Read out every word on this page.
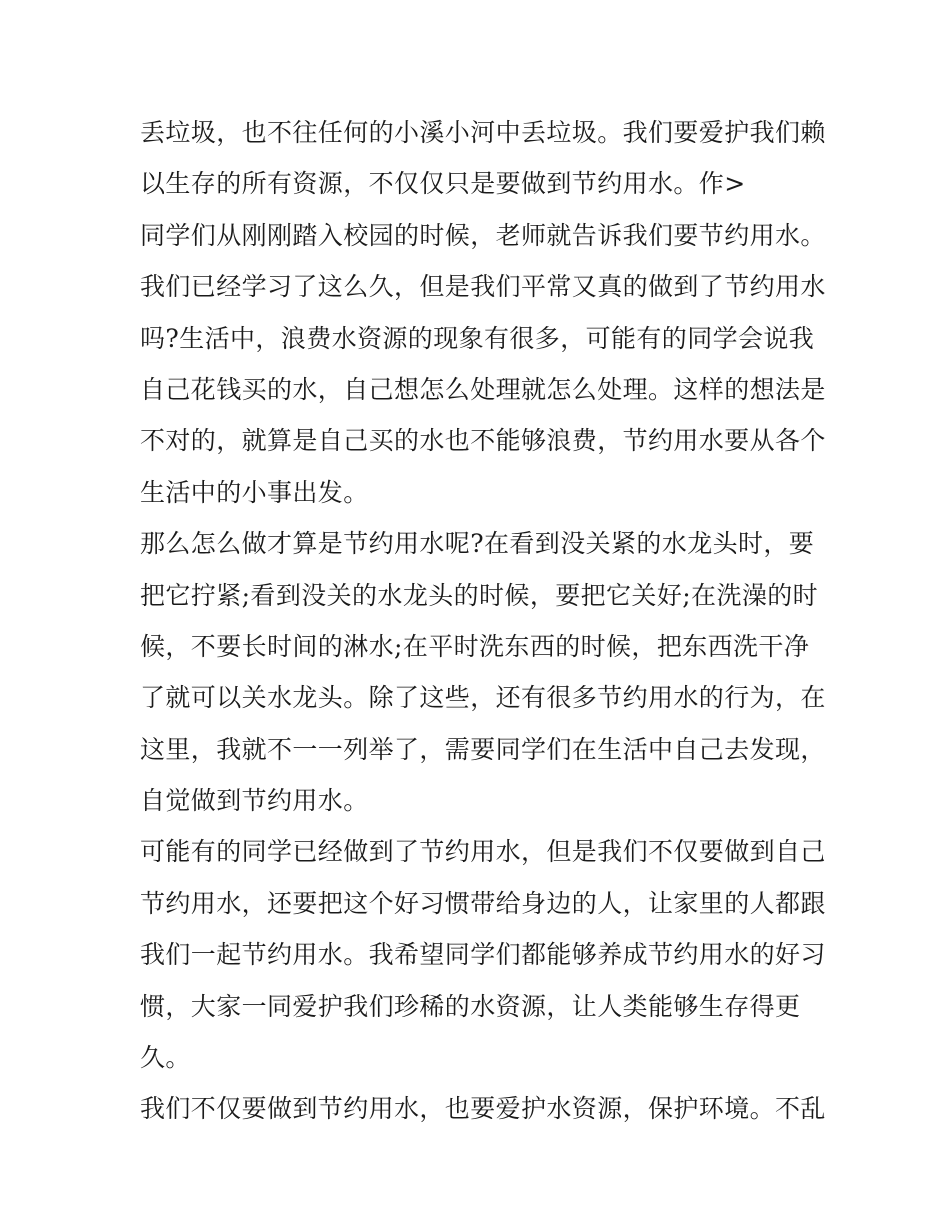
丢垃圾，也不往任何的小溪小河中丢垃圾。我们要爱护我们赖
以生存的所有资源，不仅仅只是要做到节约用水。作>
同学们从刚刚踏入校园的时候，老师就告诉我们要节约用水。
我们已经学习了这么久，但是我们平常又真的做到了节约用水
吗?生活中，浪费水资源的现象有很多，可能有的同学会说我
自己花钱买的水，自己想怎么处理就怎么处理。这样的想法是
不对的，就算是自己买的水也不能够浪费，节约用水要从各个
生活中的小事出发。
那么怎么做才算是节约用水呢?在看到没关紧的水龙头时，要
把它拧紧;看到没关的水龙头的时候，要把它关好;在洗澡的时
候，不要长时间的淋水;在平时洗东西的时候，把东西洗干净
了就可以关水龙头。除了这些，还有很多节约用水的行为，在
这里，我就不一一列举了，需要同学们在生活中自己去发现，
自觉做到节约用水。
可能有的同学已经做到了节约用水，但是我们不仅要做到自己
节约用水，还要把这个好习惯带给身边的人，让家里的人都跟
我们一起节约用水。我希望同学们都能够养成节约用水的好习
惯，大家一同爱护我们珍稀的水资源，让人类能够生存得更
久。
我们不仅要做到节约用水，也要爱护水资源，保护环境。不乱
